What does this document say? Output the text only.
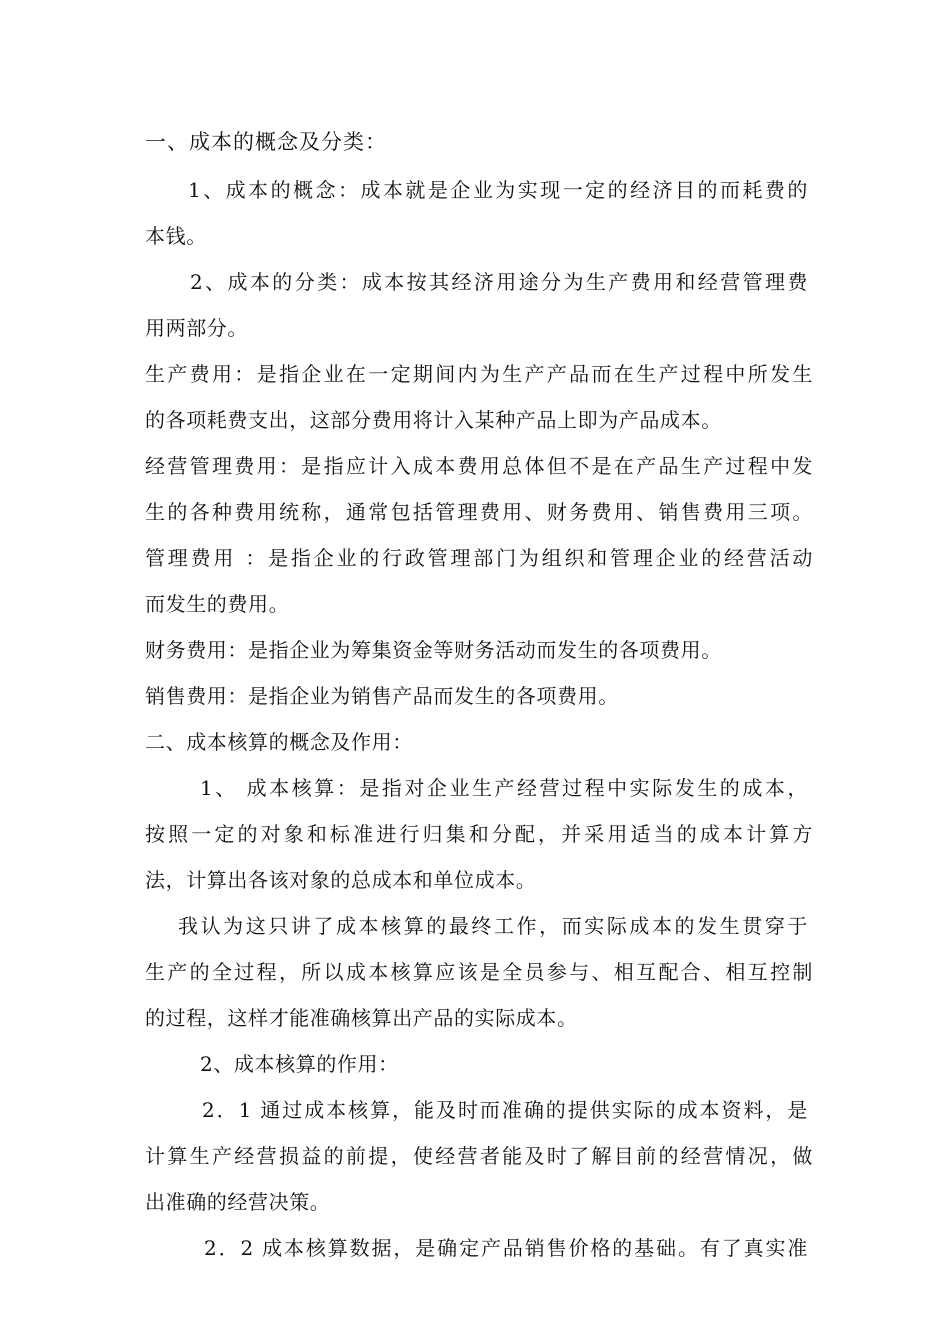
一、成本的概念及分类：
1、成本的概念：成本就是企业为实现一定的经济目的而耗费的
本钱。
2、成本的分类：成本按其经济用途分为生产费用和经营管理费
用两部分。
生产费用：是指企业在一定期间内为生产产品而在生产过程中所发生
的各项耗费支出，这部分费用将计入某种产品上即为产品成本。
经营管理费用：是指应计入成本费用总体但不是在产品生产过程中发
生的各种费用统称，通常包括管理费用、财务费用、销售费用三项。
管理费用 ：是指企业的行政管理部门为组织和管理企业的经营活动
而发生的费用。
财务费用：是指企业为筹集资金等财务活动而发生的各项费用。
销售费用：是指企业为销售产品而发生的各项费用。
二、成本核算的概念及作用：
1、 成本核算：是指对企业生产经营过程中实际发生的成本，
按照一定的对象和标准进行归集和分配，并采用适当的成本计算方
法，计算出各该对象的总成本和单位成本。
我认为这只讲了成本核算的最终工作，而实际成本的发生贯穿于
生产的全过程，所以成本核算应该是全员参与、相互配合、相互控制
的过程，这样才能准确核算出产品的实际成本。
2、成本核算的作用：
2．1 通过成本核算，能及时而准确的提供实际的成本资料，是
计算生产经营损益的前提，使经营者能及时了解目前的经营情况，做
出准确的经营决策。
2．2 成本核算数据，是确定产品销售价格的基础。有了真实准
